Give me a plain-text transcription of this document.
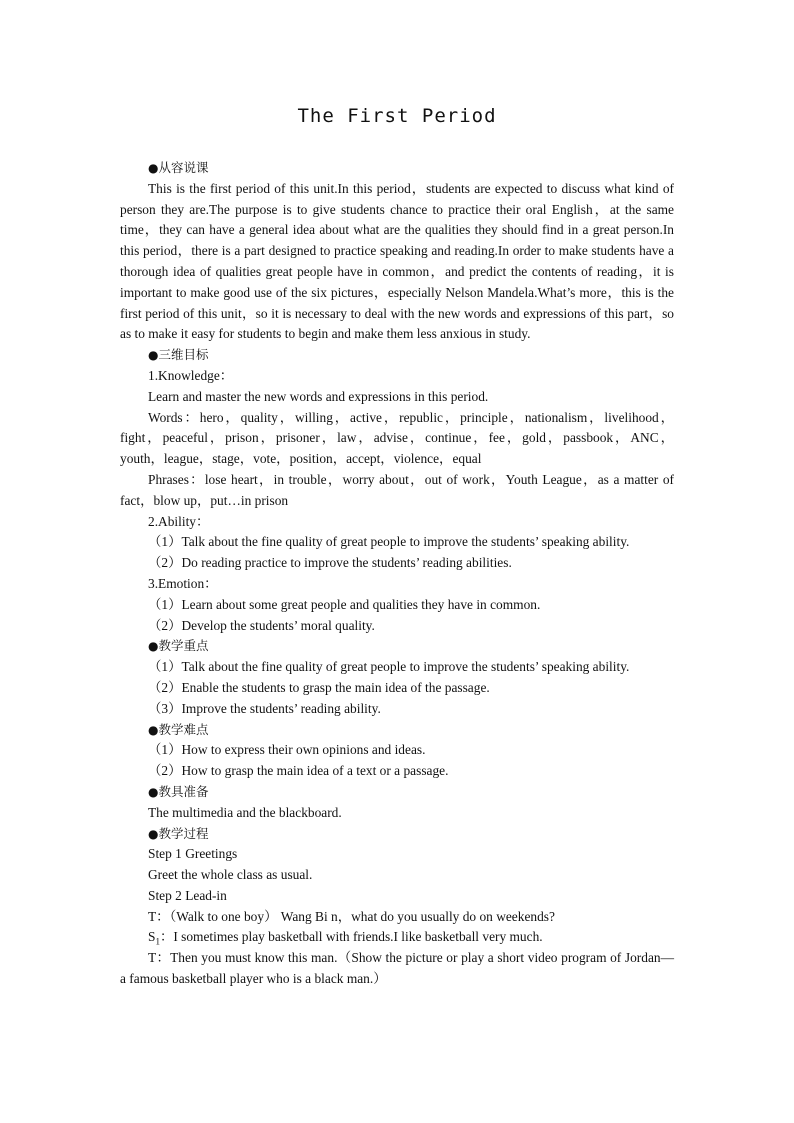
The First Period

● 从容说课

This is the first period of this unit.In this period，students are expected to discuss what kind of person they are.The purpose is to give students chance to practice their oral English，at the same time，they can have a general idea about what are the qualities they should find in a great person.In this period，there is a part designed to practice speaking and reading.In order to make students have a thorough idea of qualities great people have in common，and predict the contents of reading，it is important to make good use of the six pictures，especially Nelson Mandela.What’s more，this is the first period of this unit，so it is necessary to deal with the new words and expressions of this part，so as to make it easy for students to begin and make them less anxious in study.

● 三维目标

1.Knowledge：

Learn and master the new words and expressions in this period.

Words：hero，quality，willing，active，republic，principle，nationalism，livelihood，fight，peaceful，prison，prisoner，law，advise，continue，fee，gold，passbook，ANC，youth，league，stage，vote，position，accept，violence，equal

Phrases：lose heart，in trouble，worry about，out of work，Youth League，as a matter of fact，blow up，put…in prison

2.Ability：

（1）Talk about the fine quality of great people to improve the students’ speaking ability.

（2）Do reading practice to improve the students’ reading abilities.

3.Emotion：

（1）Learn about some great people and qualities they have in common.

（2）Develop the students’ moral quality.

● 教学重点

（1）Talk about the fine quality of great people to improve the students’ speaking ability.

（2）Enable the students to grasp the main idea of the passage.

（3）Improve the students’ reading ability.

● 教学难点

（1）How to express their own opinions and ideas.

（2）How to grasp the main idea of a text or a passage.

● 教具准备

The multimedia and the blackboard.

● 教学过程

Step 1 Greetings

Greet the whole class as usual.

Step 2 Lead-in

T：（Walk to one boy） Wang Bi n，what do you usually do on weekends?

$S_1$：I sometimes play basketball with friends.I like basketball very much.

T：Then you must know this man.（Show the picture or play a short video program of Jordan—a famous basketball player who is a black man.）
